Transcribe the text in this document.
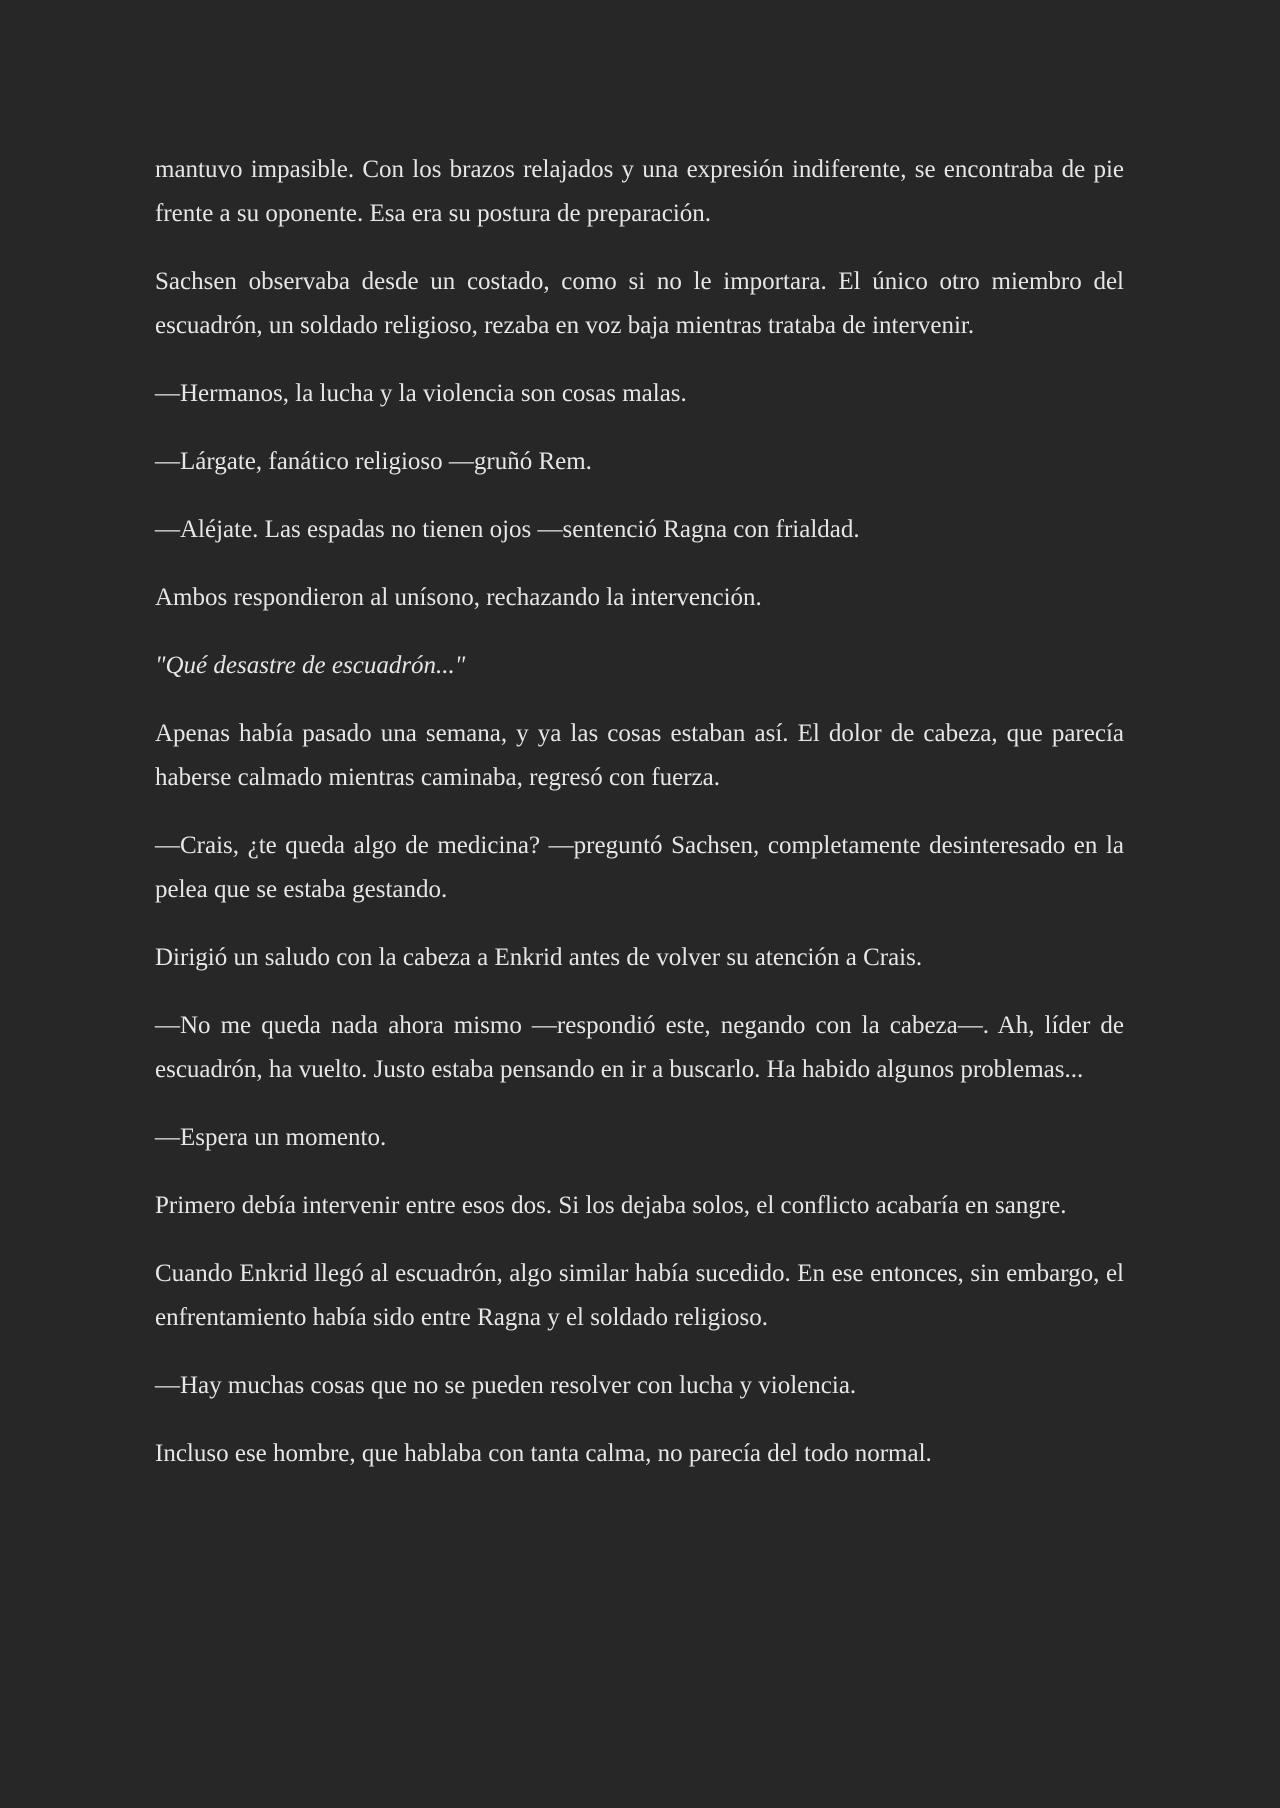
mantuvo impasible. Con los brazos relajados y una expresión indiferente, se encontraba de pie frente a su oponente. Esa era su postura de preparación.

Sachsen observaba desde un costado, como si no le importara. El único otro miembro del escuadrón, un soldado religioso, rezaba en voz baja mientras trataba de intervenir.

—Hermanos, la lucha y la violencia son cosas malas.

—Lárgate, fanático religioso —gruñó Rem.

—Aléjate. Las espadas no tienen ojos —sentenció Ragna con frialdad.

Ambos respondieron al unísono, rechazando la intervención.

"Qué desastre de escuadrón..."

Apenas había pasado una semana, y ya las cosas estaban así. El dolor de cabeza, que parecía haberse calmado mientras caminaba, regresó con fuerza.

—Crais, ¿te queda algo de medicina? —preguntó Sachsen, completamente desinteresado en la pelea que se estaba gestando.

Dirigió un saludo con la cabeza a Enkrid antes de volver su atención a Crais.

—No me queda nada ahora mismo —respondió este, negando con la cabeza—. Ah, líder de escuadrón, ha vuelto. Justo estaba pensando en ir a buscarlo. Ha habido algunos problemas...

—Espera un momento.

Primero debía intervenir entre esos dos. Si los dejaba solos, el conflicto acabaría en sangre.

Cuando Enkrid llegó al escuadrón, algo similar había sucedido. En ese entonces, sin embargo, el enfrentamiento había sido entre Ragna y el soldado religioso.

—Hay muchas cosas que no se pueden resolver con lucha y violencia.

Incluso ese hombre, que hablaba con tanta calma, no parecía del todo normal.
